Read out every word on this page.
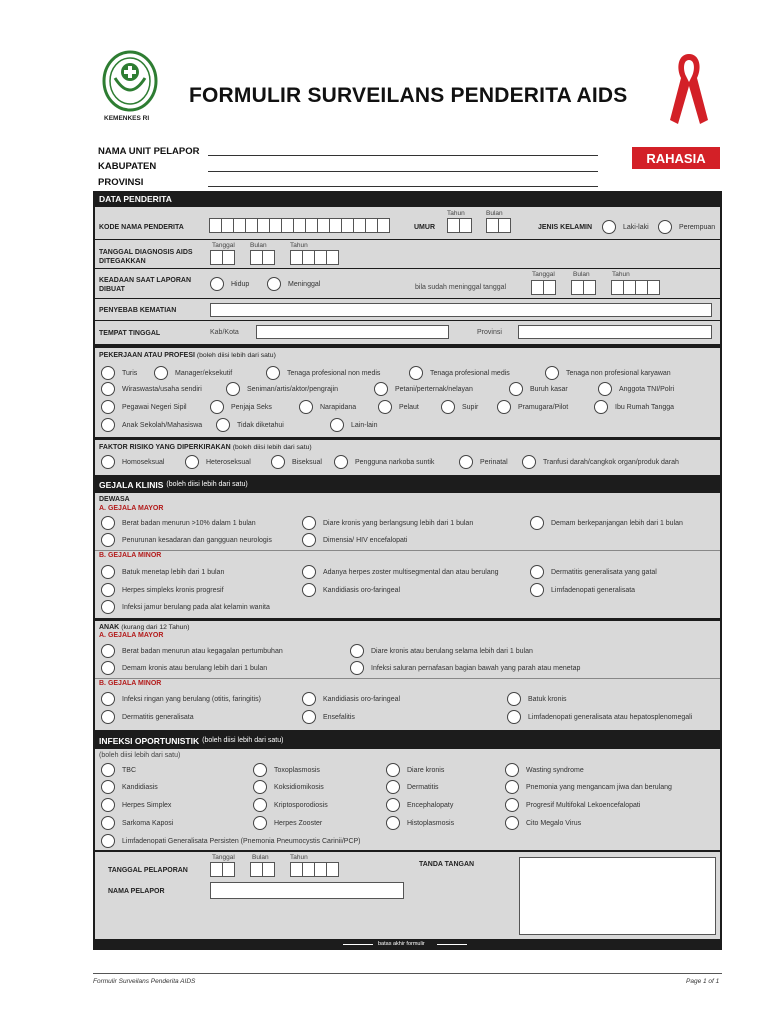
KEMENKES RI
FORMULIR SURVEILANS PENDERITA AIDS
NAMA UNIT PELAPOR
KABUPATEN
PROVINSI
RAHASIA
DATA PENDERITA
KODE NAMA PENDERITA	UMUR
Tahun	Bulan
JENIS KELAMIN	Laki-laki	Perempuan
TANGGAL DIAGNOSIS AIDS DITEGAKKAN
Tanggal Bulan	Tahun
KEADAAN SAAT LAPORAN DIBUAT
Hidup	Meninggal	bila sudah meninggal tanggal
Tanggal	Bulan	Tahun
PENYEBAB KEMATIAN
TEMPAT TINGGAL	Kab/Kota	Provinsi
PEKERJAAN ATAU PROFESI (boleh diisi lebih dari satu)
Turis	Manager/eksekutif	Tenaga profesional non medis	Tenaga profesional medis	Tenaga non profesional karyawan
Wiraswasta/usaha sendiri	Seniman/artis/aktor/pengrajin	Petani/perternak/nelayan	Buruh kasar	Anggota TNI/Polri
Pegawai Negeri Sipil	Penjaja Seks	Narapidana	Pelaut	Supir	Pramugara/Pilot	Ibu Rumah Tangga
Anak Sekolah/Mahasiswa	Tidak diketahui	Lain-lain
FAKTOR RISIKO YANG DIPERKIRAKAN (boleh diisi lebih dari satu)
Homoseksual	Heteroseksual	Biseksual	Pengguna narkoba suntik	Perinatal	Tranfusi darah/cangkok organ/produk darah
GEJALA KLINIS (boleh diisi lebih dari satu)
DEWASA
A. GEJALA MAYOR
Berat badan menurun >10% dalam 1 bulan	Diare kronis yang berlangsung lebih dari 1 bulan	Demam berkepanjangan lebih dari 1 bulan
Penurunan kesadaran dan gangguan neurologis	Dimensia/ HIV encefalopati
B. GEJALA MINOR
Batuk menetap lebih dari 1 bulan	Adanya herpes zoster multisegmental dan atau berulang	Dermatitis generalisata yang gatal
Herpes simpleks kronis progresif	Kandidiasis oro-faringeal	Limfadenopati generalisata
Infeksi jamur berulang pada alat kelamin wanita
ANAK (kurang dari 12 Tahun)
A. GEJALA MAYOR
Berat badan menurun atau kegagalan pertumbuhan	Diare kronis atau berulang selama lebih dari 1 bulan
Demam kronis atau berulang lebih dari 1 bulan	Infeksi saluran pernafasan bagian bawah yang parah atau menetap
B. GEJALA MINOR
Infeksi ringan yang berulang (otitis, faringitis)	Kandidiasis oro-faringeal	Batuk kronis
Dermatitis generalisata	Ensefalitis	Limfadenopati generalisata atau hepatosplenomegali
INFEKSI OPORTUNISTIK (boleh diisi lebih dari satu)
(boleh diisi lebih dari satu)
TBC	Toxoplasmosis	Diare kronis	Wasting syndrome
Kandidiasis	Koksidiomikosis	Dermatitis	Pnemonia yang mengancam jiwa dan berulang
Herpes Simplex	Kriptosporodiosis	Encephalopaty	Progresif Multifokal Lekoencefalopati
Sarkoma Kaposi	Herpes Zooster	Histoplasmosis	Cito Megalo Virus
Limfadenopati Generalisata Persisten (Pnemonia Pneumocystis Carinii/PCP)
TANGGAL PELAPORAN
Tanggal	Bulan	Tahun
NAMA PELAPOR
TANDA TANGAN
batas akhir formulir
Formulir Surveilans Penderita AIDS	Page 1 of 1
